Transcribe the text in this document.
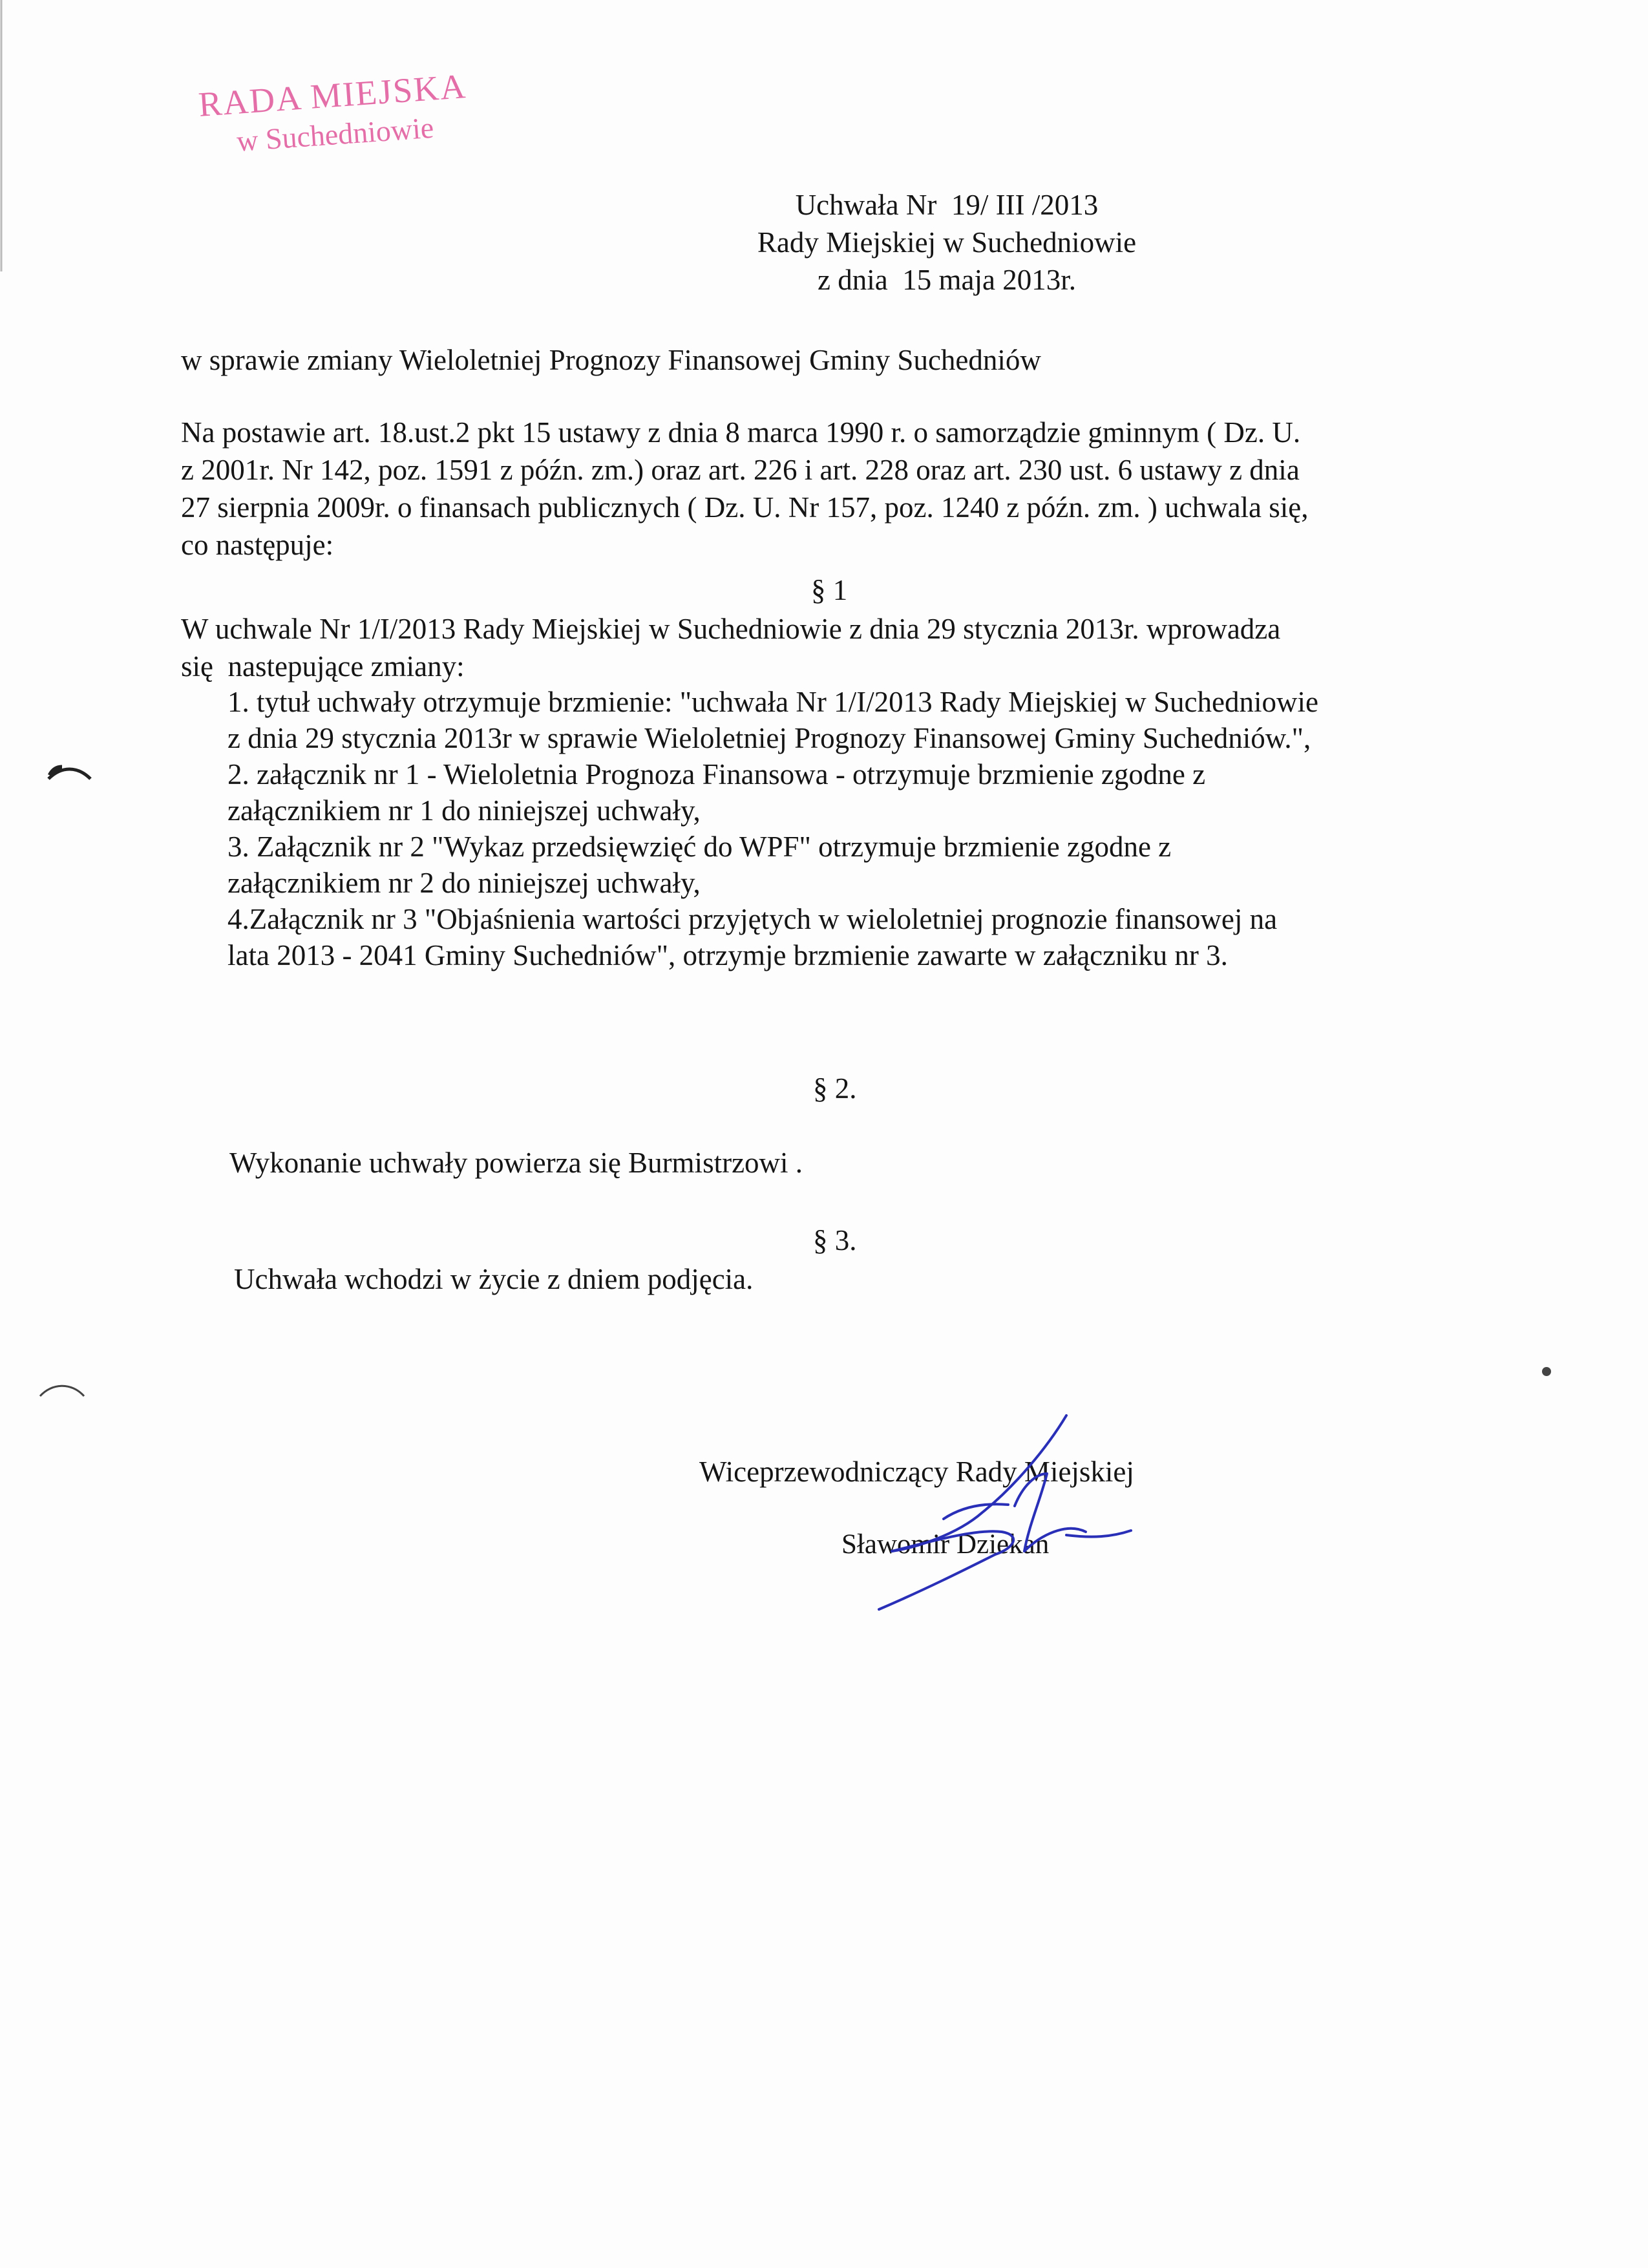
RADA MIEJSKA
w Suchedniowie
Uchwała Nr  19/ III /2013
Rady Miejskiej w Suchedniowie
z dnia  15 maja 2013r.
w sprawie zmiany Wieloletniej Prognozy Finansowej Gminy Suchedniów
Na postawie art. 18.ust.2 pkt 15 ustawy z dnia 8 marca 1990 r. o samorządzie gminnym ( Dz. U.
z 2001r. Nr 142, poz. 1591 z późn. zm.) oraz art. 226 i art. 228 oraz art. 230 ust. 6 ustawy z dnia
27 sierpnia 2009r. o finansach publicznych ( Dz. U. Nr 157, poz. 1240 z późn. zm. ) uchwala się,
co następuje:
§ 1
W uchwale Nr 1/I/2013 Rady Miejskiej w Suchedniowie z dnia 29 stycznia 2013r. wprowadza
się  nastepujące zmiany:
1. tytuł uchwały otrzymuje brzmienie: "uchwała Nr 1/I/2013 Rady Miejskiej w Suchedniowie
z dnia 29 stycznia 2013r w sprawie Wieloletniej Prognozy Finansowej Gminy Suchedniów.",
2. załącznik nr 1 - Wieloletnia Prognoza Finansowa - otrzymuje brzmienie zgodne z
załącznikiem nr 1 do niniejszej uchwały,
3. Załącznik nr 2 "Wykaz przedsięwzięć do WPF" otrzymuje brzmienie zgodne z
załącznikiem nr 2 do niniejszej uchwały,
4.Załącznik nr 3 "Objaśnienia wartości przyjętych w wieloletniej prognozie finansowej na
lata 2013 - 2041 Gminy Suchedniów", otrzymje brzmienie zawarte w załączniku nr 3.
§ 2.
Wykonanie uchwały powierza się Burmistrzowi .
§ 3.
Uchwała wchodzi w życie z dniem podjęcia.
Wiceprzewodniczący Rady Miejskiej
Sławomir Dziekan
